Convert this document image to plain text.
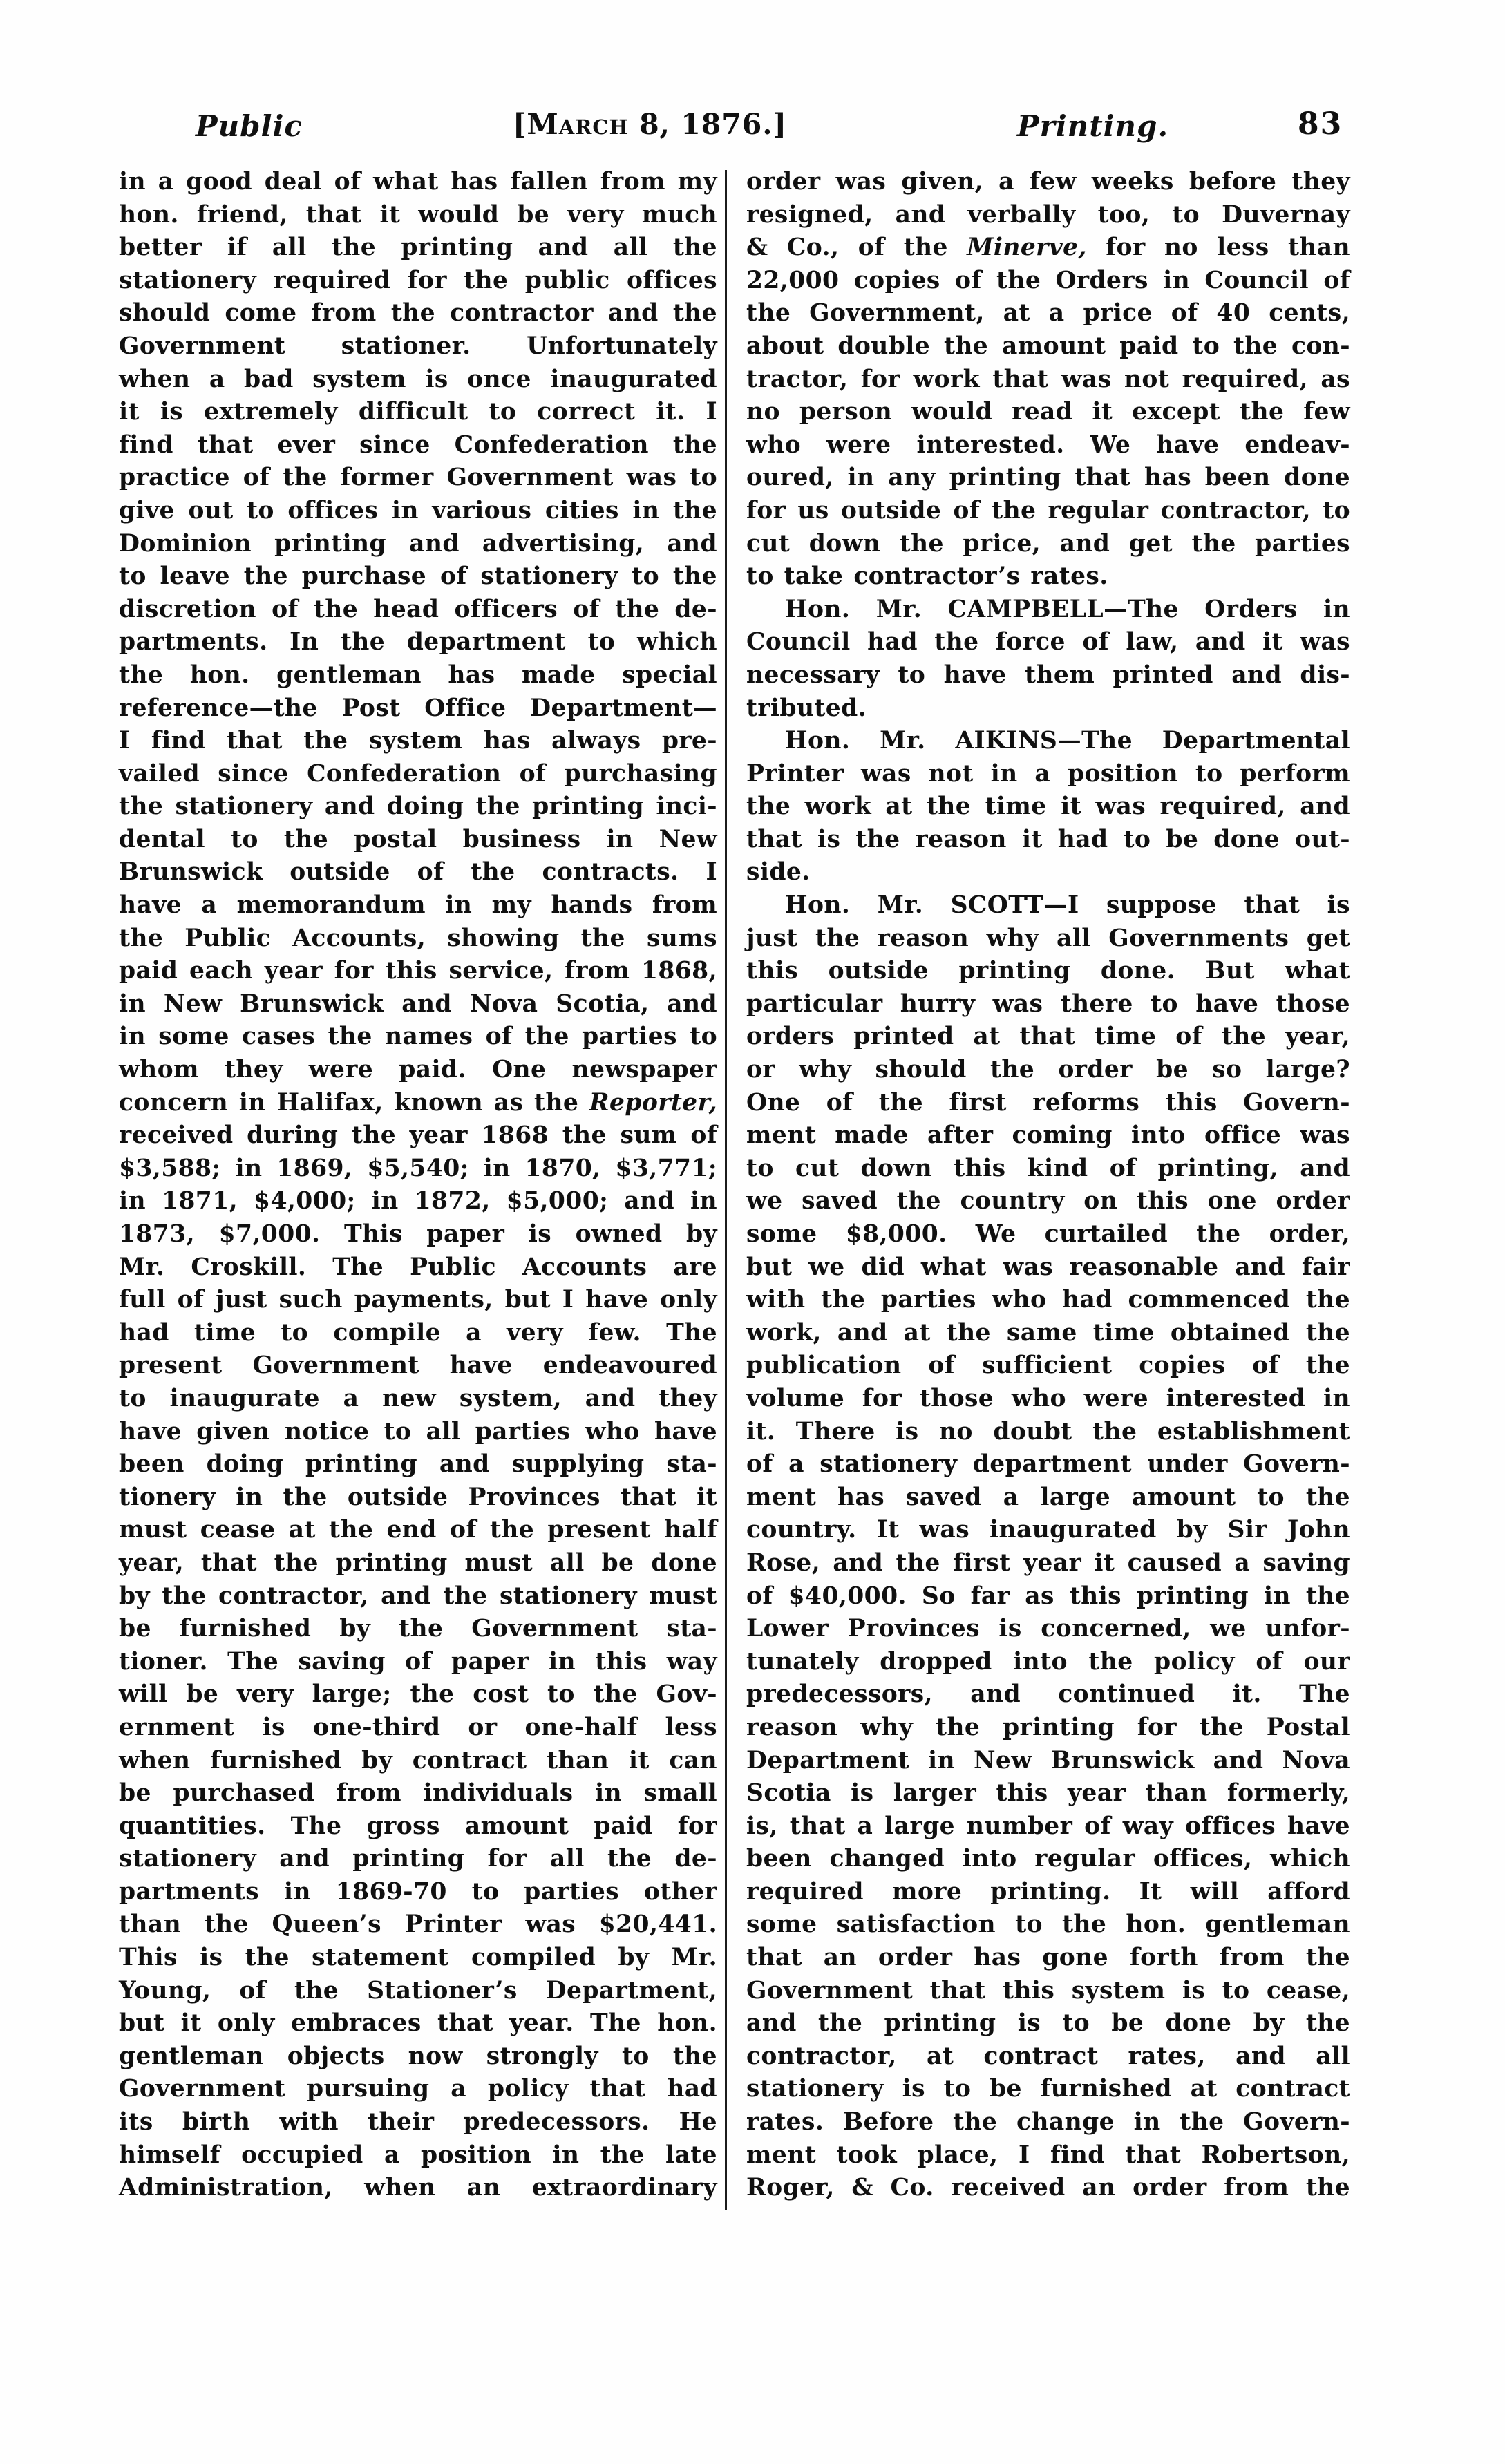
Public	[March 8, 1876.]	Printing.	83
in a good deal of what has fallen from my
hon. friend, that it would be very much
better if all the printing and all the
stationery required for the public offices
should come from the contractor and the
Government stationer. Unfortunately
when a bad system is once inaugurated
it is extremely difficult to correct it. I
find that ever since Confederation the
practice of the former Government was to
give out to offices in various cities in the
Dominion printing and advertising, and
to leave the purchase of stationery to the
discretion of the head officers of the de-
partments. In the department to which
the hon. gentleman has made special
reference—the Post Office Department—
I find that the system has always pre-
vailed since Confederation of purchasing
the stationery and doing the printing inci-
dental to the postal business in New
Brunswick outside of the contracts. I
have a memorandum in my hands from
the Public Accounts, showing the sums
paid each year for this service, from 1868,
in New Brunswick and Nova Scotia, and
in some cases the names of the parties to
whom they were paid. One newspaper
concern in Halifax, known as the Reporter,
received during the year 1868 the sum of
$3,588; in 1869, $5,540; in 1870, $3,771;
in 1871, $4,000; in 1872, $5,000; and in
1873, $7,000. This paper is owned by
Mr. Croskill. The Public Accounts are
full of just such payments, but I have only
had time to compile a very few. The
present Government have endeavoured
to inaugurate a new system, and they
have given notice to all parties who have
been doing printing and supplying sta-
tionery in the outside Provinces that it
must cease at the end of the present half
year, that the printing must all be done
by the contractor, and the stationery must
be furnished by the Government sta-
tioner. The saving of paper in this way
will be very large; the cost to the Gov-
ernment is one-third or one-half less
when furnished by contract than it can
be purchased from individuals in small
quantities. The gross amount paid for
stationery and printing for all the de-
partments in 1869-70 to parties other
than the Queen’s Printer was $20,441.
This is the statement compiled by Mr.
Young, of the Stationer’s Department,
but it only embraces that year. The hon.
gentleman objects now strongly to the
Government pursuing a policy that had
its birth with their predecessors. He
himself occupied a position in the late
Administration, when an extraordinary
order was given, a few weeks before they
resigned, and verbally too, to Duvernay
& Co., of the Minerve, for no less than
22,000 copies of the Orders in Council of
the Government, at a price of 40 cents,
about double the amount paid to the con-
tractor, for work that was not required, as
no person would read it except the few
who were interested. We have endeav-
oured, in any printing that has been done
for us outside of the regular contractor, to
cut down the price, and get the parties
to take contractor’s rates.
Hon. Mr. CAMPBELL—The Orders in
Council had the force of law, and it was
necessary to have them printed and dis-
tributed.
Hon. Mr. AIKINS—The Departmental
Printer was not in a position to perform
the work at the time it was required, and
that is the reason it had to be done out-
side.
Hon. Mr. SCOTT—I suppose that is
just the reason why all Governments get
this outside printing done. But what
particular hurry was there to have those
orders printed at that time of the year,
or why should the order be so large?
One of the first reforms this Govern-
ment made after coming into office was
to cut down this kind of printing, and
we saved the country on this one order
some $8,000. We curtailed the order,
but we did what was reasonable and fair
with the parties who had commenced the
work, and at the same time obtained the
publication of sufficient copies of the
volume for those who were interested in
it. There is no doubt the establishment
of a stationery department under Govern-
ment has saved a large amount to the
country. It was inaugurated by Sir John
Rose, and the first year it caused a saving
of $40,000. So far as this printing in the
Lower Provinces is concerned, we unfor-
tunately dropped into the policy of our
predecessors, and continued it. The
reason why the printing for the Postal
Department in New Brunswick and Nova
Scotia is larger this year than formerly,
is, that a large number of way offices have
been changed into regular offices, which
required more printing. It will afford
some satisfaction to the hon. gentleman
that an order has gone forth from the
Government that this system is to cease,
and the printing is to be done by the
contractor, at contract rates, and all
stationery is to be furnished at contract
rates. Before the change in the Govern-
ment took place, I find that Robertson,
Roger, & Co. received an order from the
